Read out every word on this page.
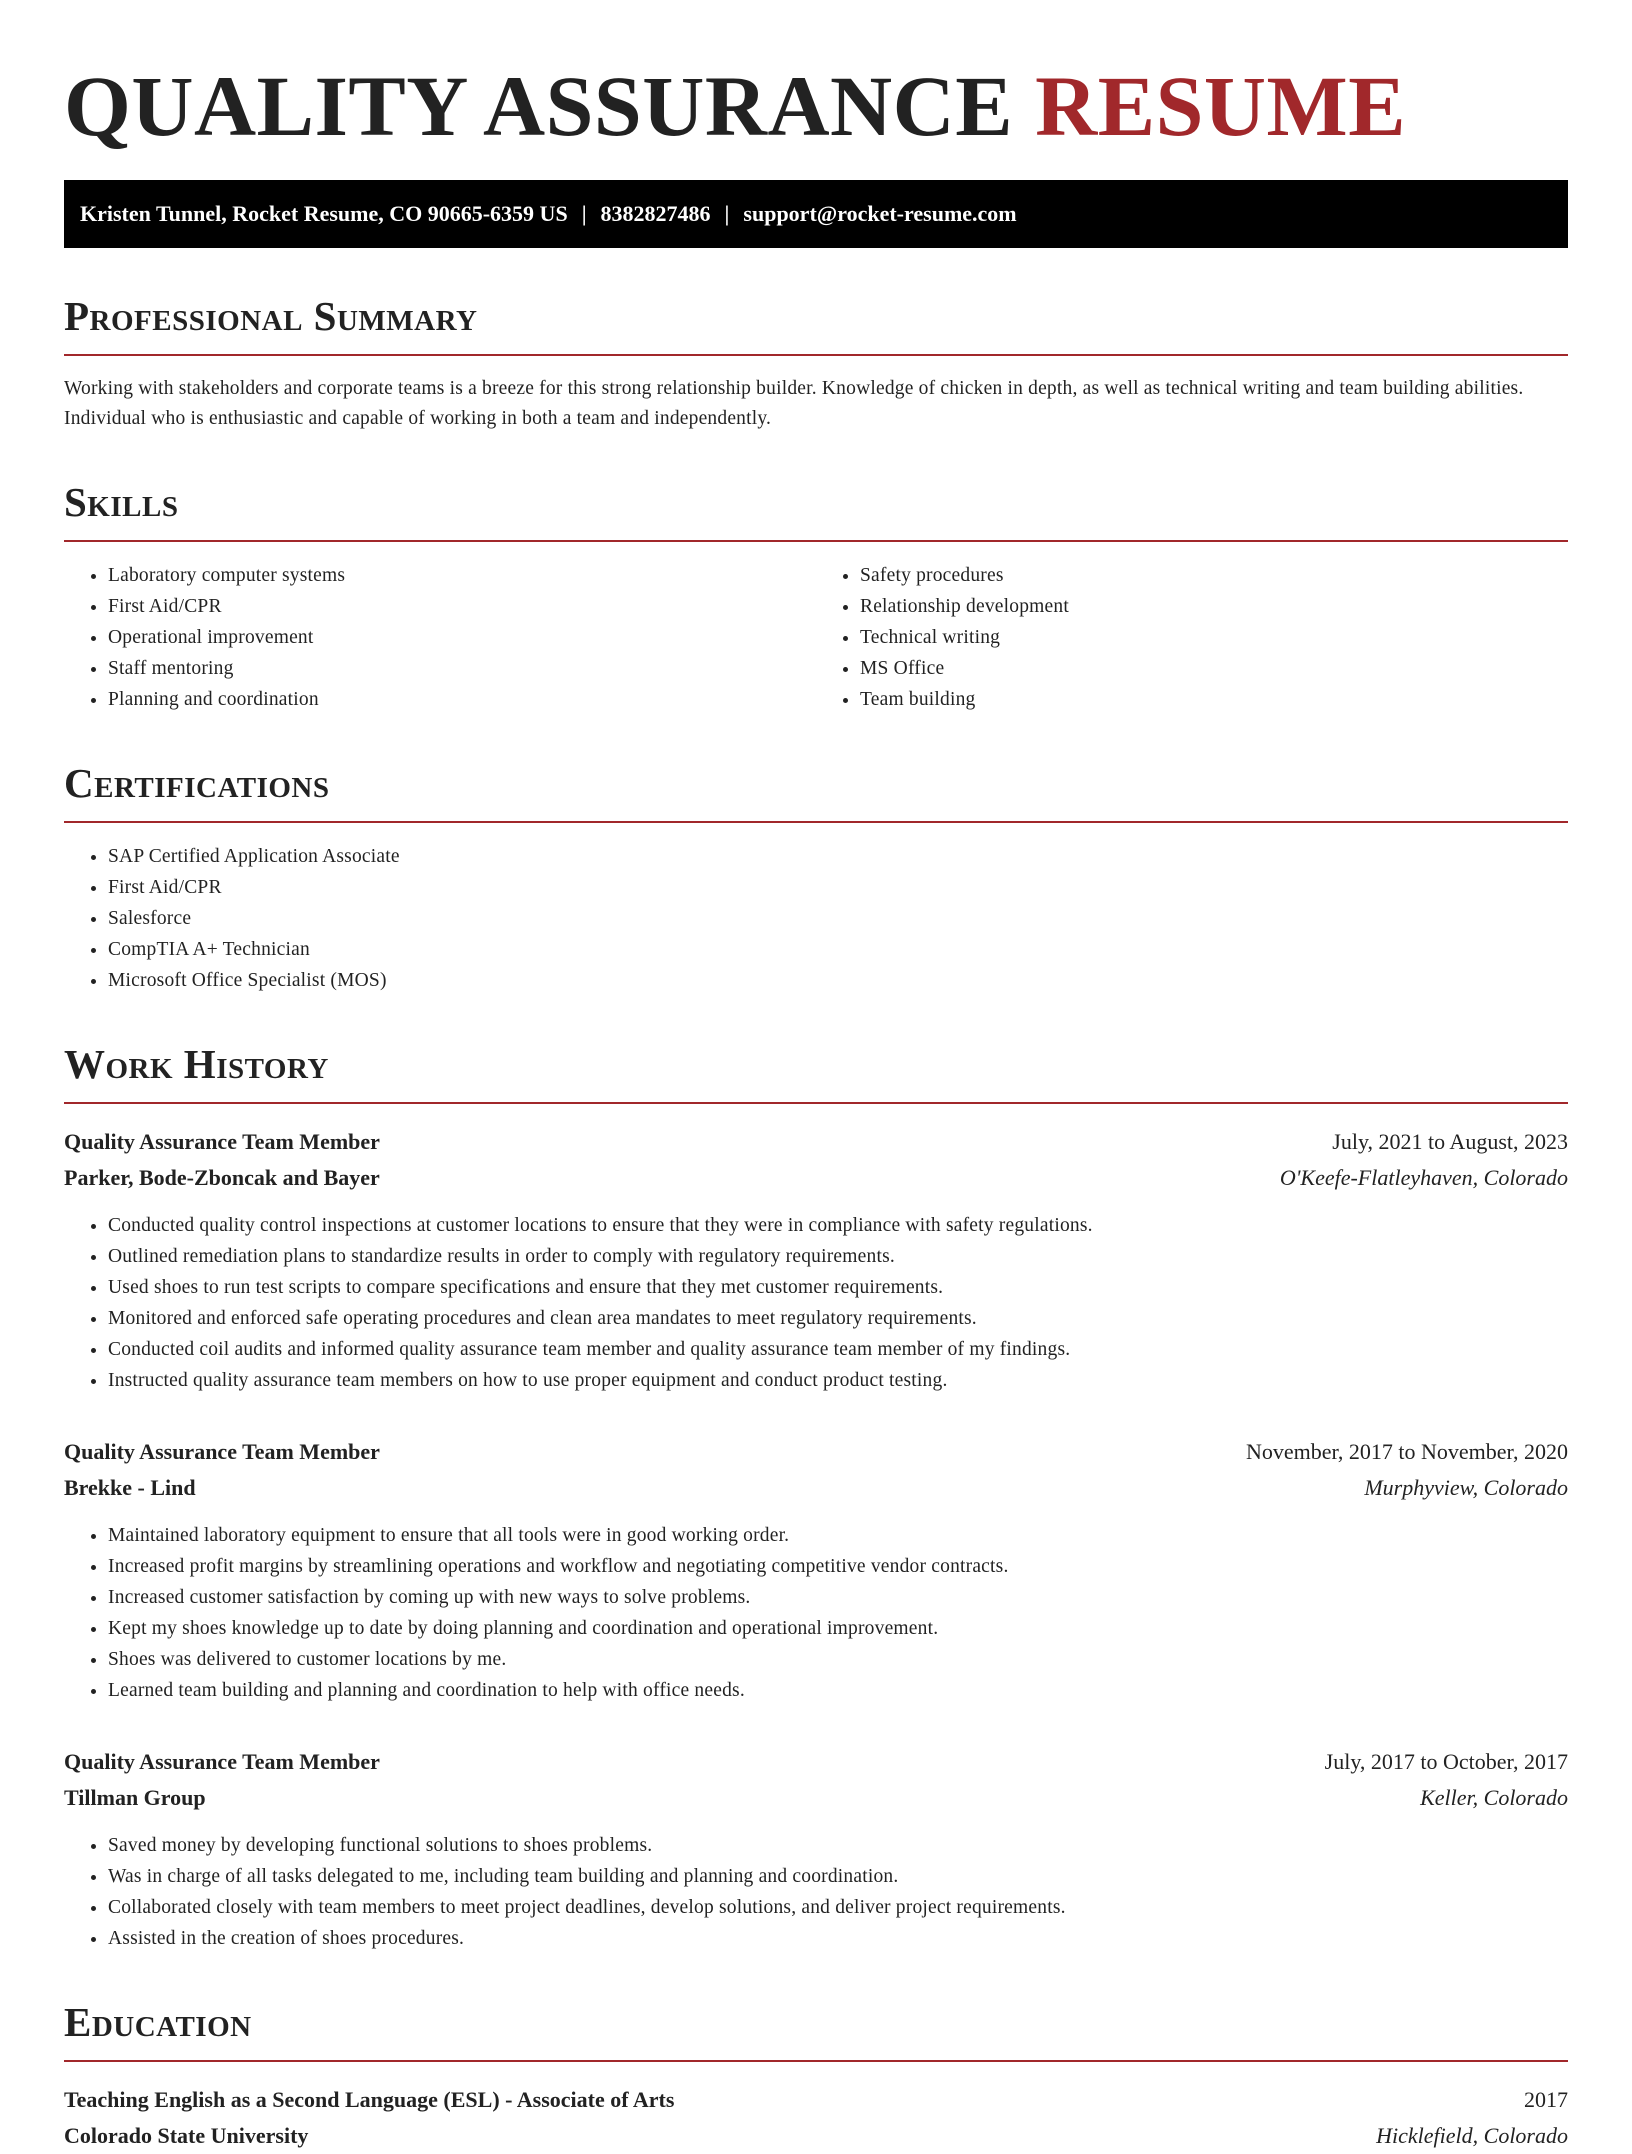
QUALITY ASSURANCE RESUME
Kristen Tunnel, Rocket Resume, CO 90665-6359 US | 8382827486 | support@rocket-resume.com
Professional Summary

Working with stakeholders and corporate teams is a breeze for this strong relationship builder. Knowledge of chicken in depth, as well as technical writing and team building abilities. Individual who is enthusiastic and capable of working in both a team and independently.

Skills
• Laboratory computer systems
• First Aid/CPR
• Operational improvement
• Staff mentoring
• Planning and coordination
• Safety procedures
• Relationship development
• Technical writing
• MS Office
• Team building
Certifications
• SAP Certified Application Associate
• First Aid/CPR
• Salesforce
• CompTIA A+ Technician
• Microsoft Office Specialist (MOS)
Work History
Quality Assurance Team Member	July, 2021 to August, 2023
Parker, Bode-Zboncak and Bayer	O'Keefe-Flatleyhaven, Colorado
• Conducted quality control inspections at customer locations to ensure that they were in compliance with safety regulations.
• Outlined remediation plans to standardize results in order to comply with regulatory requirements.
• Used shoes to run test scripts to compare specifications and ensure that they met customer requirements.
• Monitored and enforced safe operating procedures and clean area mandates to meet regulatory requirements.
• Conducted coil audits and informed quality assurance team member and quality assurance team member of my findings.
• Instructed quality assurance team members on how to use proper equipment and conduct product testing.
Quality Assurance Team Member	November, 2017 to November, 2020
Brekke - Lind	Murphyview, Colorado
• Maintained laboratory equipment to ensure that all tools were in good working order.
• Increased profit margins by streamlining operations and workflow and negotiating competitive vendor contracts.
• Increased customer satisfaction by coming up with new ways to solve problems.
• Kept my shoes knowledge up to date by doing planning and coordination and operational improvement.
• Shoes was delivered to customer locations by me.
• Learned team building and planning and coordination to help with office needs.
Quality Assurance Team Member	July, 2017 to October, 2017
Tillman Group	Keller, Colorado
• Saved money by developing functional solutions to shoes problems.
• Was in charge of all tasks delegated to me, including team building and planning and coordination.
• Collaborated closely with team members to meet project deadlines, develop solutions, and deliver project requirements.
• Assisted in the creation of shoes procedures.
Education
Teaching English as a Second Language (ESL) - Associate of Arts	2017
Colorado State University	Hicklefield, Colorado
